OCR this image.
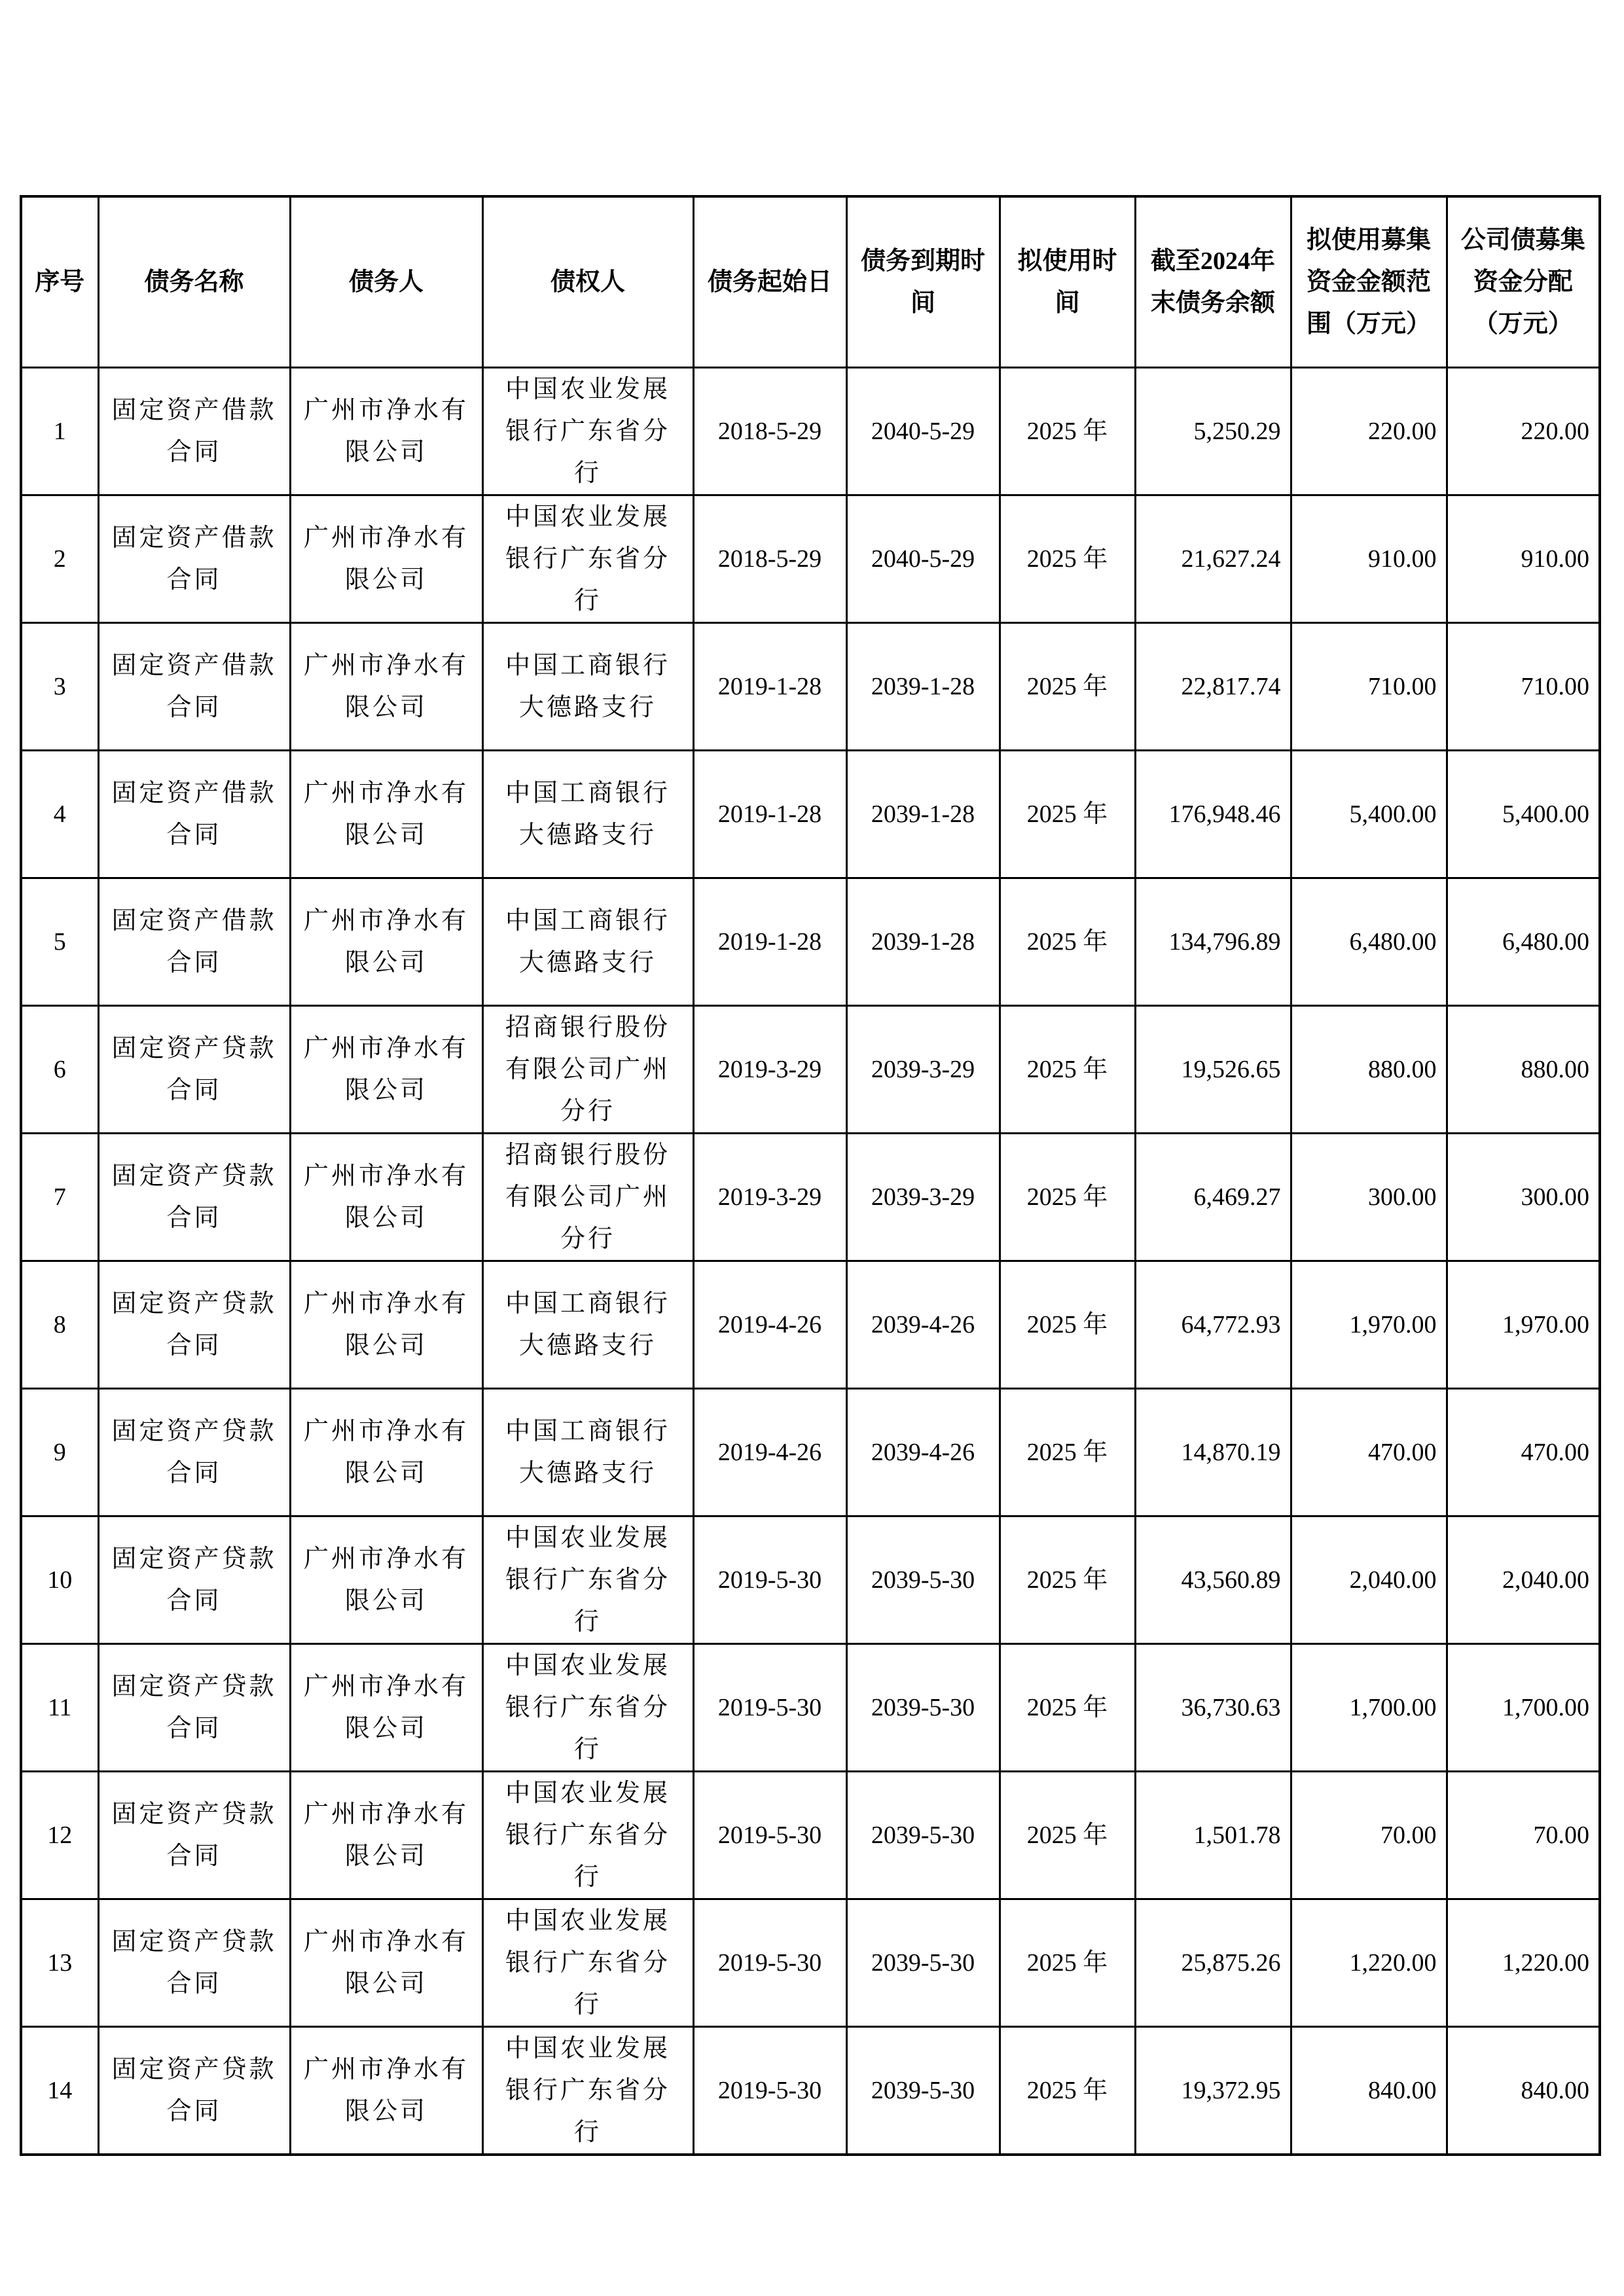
序号	债务名称	债务人	债权人	债务起始日	债务到期时间	拟使用时间	截至2024年末债务余额	拟使用募集资金金额范围（万元）	公司债募集资金分配（万元）
1	固定资产借款合同	广州市净水有限公司	中国农业发展银行广东省分行	2018-5-29	2040-5-29	2025 年	5,250.29	220.00	220.00
2	固定资产借款合同	广州市净水有限公司	中国农业发展银行广东省分行	2018-5-29	2040-5-29	2025 年	21,627.24	910.00	910.00
3	固定资产借款合同	广州市净水有限公司	中国工商银行大德路支行	2019-1-28	2039-1-28	2025 年	22,817.74	710.00	710.00
4	固定资产借款合同	广州市净水有限公司	中国工商银行大德路支行	2019-1-28	2039-1-28	2025 年	176,948.46	5,400.00	5,400.00
5	固定资产借款合同	广州市净水有限公司	中国工商银行大德路支行	2019-1-28	2039-1-28	2025 年	134,796.89	6,480.00	6,480.00
6	固定资产贷款合同	广州市净水有限公司	招商银行股份有限公司广州分行	2019-3-29	2039-3-29	2025 年	19,526.65	880.00	880.00
7	固定资产贷款合同	广州市净水有限公司	招商银行股份有限公司广州分行	2019-3-29	2039-3-29	2025 年	6,469.27	300.00	300.00
8	固定资产贷款合同	广州市净水有限公司	中国工商银行大德路支行	2019-4-26	2039-4-26	2025 年	64,772.93	1,970.00	1,970.00
9	固定资产贷款合同	广州市净水有限公司	中国工商银行大德路支行	2019-4-26	2039-4-26	2025 年	14,870.19	470.00	470.00
10	固定资产贷款合同	广州市净水有限公司	中国农业发展银行广东省分行	2019-5-30	2039-5-30	2025 年	43,560.89	2,040.00	2,040.00
11	固定资产贷款合同	广州市净水有限公司	中国农业发展银行广东省分行	2019-5-30	2039-5-30	2025 年	36,730.63	1,700.00	1,700.00
12	固定资产贷款合同	广州市净水有限公司	中国农业发展银行广东省分行	2019-5-30	2039-5-30	2025 年	1,501.78	70.00	70.00
13	固定资产贷款合同	广州市净水有限公司	中国农业发展银行广东省分行	2019-5-30	2039-5-30	2025 年	25,875.26	1,220.00	1,220.00
14	固定资产贷款合同	广州市净水有限公司	中国农业发展银行广东省分行	2019-5-30	2039-5-30	2025 年	19,372.95	840.00	840.00
